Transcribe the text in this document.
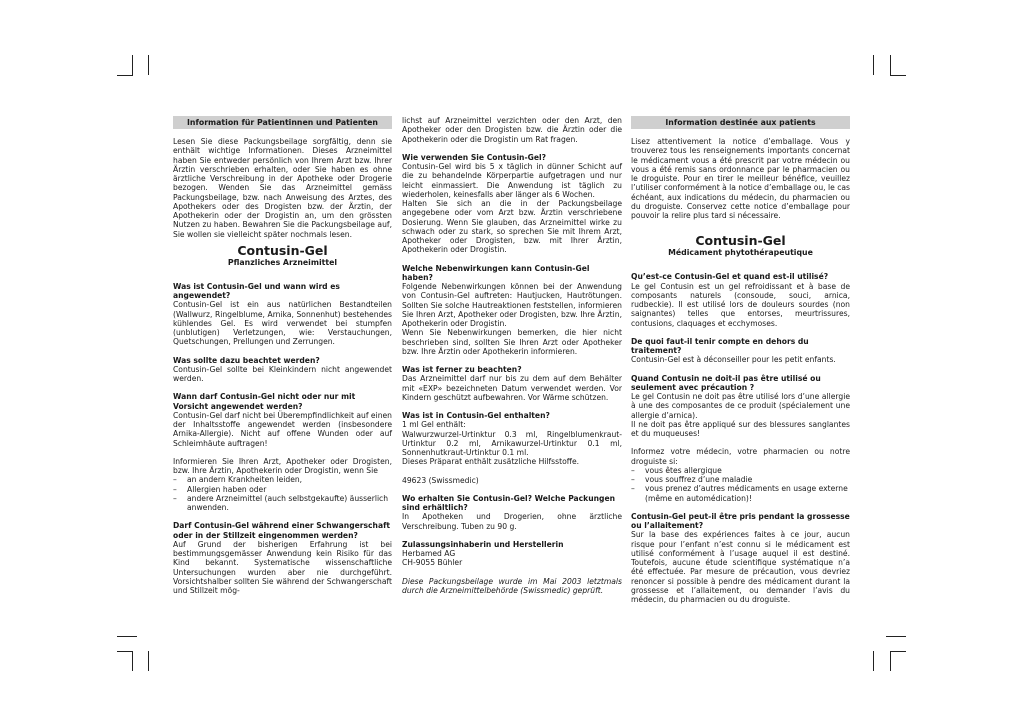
Information für Patientinnen und Patienten

Lesen Sie diese Packungsbeilage sorgfältig, denn sie enthält wichtige Informationen. Dieses Arzneimittel haben Sie entweder persönlich von Ihrem Arzt bzw. Ihrer Ärztin verschrieben erhalten, oder Sie haben es ohne ärztliche Verschreibung in der Apotheke oder Drogerie bezogen. Wenden Sie das Arzneimittel gemäss Packungsbeilage, bzw. nach Anweisung des Arztes, des Apothekers oder des Drogisten bzw. der Ärztin, der Apothekerin oder der Drogistin an, um den grössten Nutzen zu haben. Bewahren Sie die Packungsbeilage auf, Sie wollen sie vielleicht später nochmals lesen.

Contusin-Gel
Pflanzliches Arzneimittel

Was ist Contusin-Gel und wann wird es angewendet?

Contusin-Gel ist ein aus natürlichen Bestandteilen (Wallwurz, Ringelblume, Arnika, Sonnenhut) bestehendes kühlendes Gel. Es wird verwendet bei stumpfen (unblutigen) Verletzungen, wie: Verstauchungen, Quetschungen, Prellungen und Zerrungen.

Was sollte dazu beachtet werden?

Contusin-Gel sollte bei Kleinkindern nicht angewendet werden.

Wann darf Contusin-Gel nicht oder nur mit Vorsicht angewendet werden?

Contusin-Gel darf nicht bei Überempfindlichkeit auf einen der Inhaltsstoffe angewendet werden (insbesondere Arnika-Allergie). Nicht auf offene Wunden oder auf Schleimhäute auftragen!

Informieren Sie Ihren Arzt, Apotheker oder Drogisten, bzw. Ihre Ärztin, Apothekerin oder Drogistin, wenn Sie

– an andern Krankheiten leiden,
– Allergien haben oder
– andere Arzneimittel (auch selbstgekaufte) äusserlich anwenden.

Darf Contusin-Gel während einer Schwangerschaft oder in der Stillzeit eingenommen werden?

Auf Grund der bisherigen Erfahrung ist bei bestimmungsgemässer Anwendung kein Risiko für das Kind bekannt. Systematische wissenschaftliche Untersuchungen wurden aber nie durchgeführt. Vorsichtshalber sollten Sie während der Schwangerschaft und Stillzeit mög-

lichst auf Arzneimittel verzichten oder den Arzt, den Apotheker oder den Drogisten bzw. die Ärztin oder die Apothekerin oder die Drogistin um Rat fragen.

Wie verwenden Sie Contusin-Gel?

Contusin-Gel wird bis 5 x täglich in dünner Schicht auf die zu behandelnde Körperpartie aufgetragen und nur leicht einmassiert. Die Anwendung ist täglich zu wiederholen, keinesfalls aber länger als 6 Wochen.

Halten Sie sich an die in der Packungsbeilage angegebene oder vom Arzt bzw. Ärztin verschriebene Dosierung. Wenn Sie glauben, das Arzneimittel wirke zu schwach oder zu stark, so sprechen Sie mit Ihrem Arzt, Apotheker oder Drogisten, bzw. mit Ihrer Ärztin, Apothekerin oder Drogistin.

Welche Nebenwirkungen kann Contusin-Gel haben?

Folgende Nebenwirkungen können bei der Anwendung von Contusin-Gel auftreten: Hautjucken, Hautrötungen. Sollten Sie solche Hautreaktionen feststellen, informieren Sie Ihren Arzt, Apotheker oder Drogisten, bzw. Ihre Ärztin, Apothekerin oder Drogistin.

Wenn Sie Nebenwirkungen bemerken, die hier nicht beschrieben sind, sollten Sie Ihren Arzt oder Apotheker bzw. Ihre Ärztin oder Apothekerin informieren.

Was ist ferner zu beachten?

Das Arzneimittel darf nur bis zu dem auf dem Behälter mit «EXP» bezeichneten Datum verwendet werden. Vor Kindern geschützt aufbewahren. Vor Wärme schützen.

Was ist in Contusin-Gel enthalten?

1 ml Gel enthält:

Walwurzwurzel-Urtinktur 0.3 ml, Ringelblumenkraut-Urtinktur 0.2 ml, Arnikawurzel-Urtinktur 0.1 ml, Sonnenhutkraut-Urtinktur 0.1 ml.

Dieses Präparat enthält zusätzliche Hilfsstoffe.

49623 (Swissmedic)

Wo erhalten Sie Contusin-Gel? Welche Packungen sind erhältlich?

In Apotheken und Drogerien, ohne ärztliche Verschreibung. Tuben zu 90 g.

Zulassungsinhaberin und Herstellerin

Herbamed AG

CH-9055 Bühler

Diese Packungsbeilage wurde im Mai 2003 letztmals durch die Arzneimittelbehörde (Swissmedic) geprüft.

Information destinée aux patients

Lisez attentivement la notice d’emballage. Vous y trouverez tous les renseignements importants concernat le médicament vous a été prescrit par votre médecin ou vous a été remis sans ordonnance par le pharmacien ou le droguiste. Pour en tirer le meilleur bénéfice, veuillez l’utiliser conformément à la notice d’emballage ou, le cas échéant, aux indications du médecin, du pharmacien ou du droguiste. Conservez cette notice d’emballage pour pouvoir la relire plus tard si nécessaire.

Contusin-Gel
Médicament phytothérapeutique

Qu’est-ce Contusin-Gel et quand est-il utilisé?

Le gel Contusin est un gel refroidissant et à base de composants naturels (consoude, souci, arnica, rudbeckie). Il est utilisé lors de douleurs sourdes (non saignantes) telles que entorses, meurtrissures, contusions, claquages et ecchymoses.

De quoi faut-il tenir compte en dehors du traitement?

Contusin-Gel est à déconseiller pour les petit enfants.

Quand Contusin ne doit-il pas être utilisé ou seulement avec précaution ?

Le gel Contusin ne doit pas être utilisé lors d’une allergie à une des composantes de ce produit (spécialement une allergie d’arnica).

Il ne doit pas être appliqué sur des blessures sanglantes et du muqueuses!

Informez votre médecin, votre pharmacien ou notre droguiste si:

– vous êtes allergique
– vous souffrez d’une maladie
– vous prenez d’autres médicaments en usage externe (même en automédication)!

Contusin-Gel peut-il être pris pendant la grossesse ou l’allaitement?

Sur la base des expériences faites à ce jour, aucun risque pour l’enfant n’est connu si le médicament est utilisé conformément à l’usage auquel il est destiné. Toutefois, aucune étude scientifique systématique n’a été effectuée. Par mesure de précaution, vous devriez renoncer si possible à pendre des médicament durant la grossesse et l’allaitement, ou demander l’avis du médecin, du pharmacien ou du droguiste.
